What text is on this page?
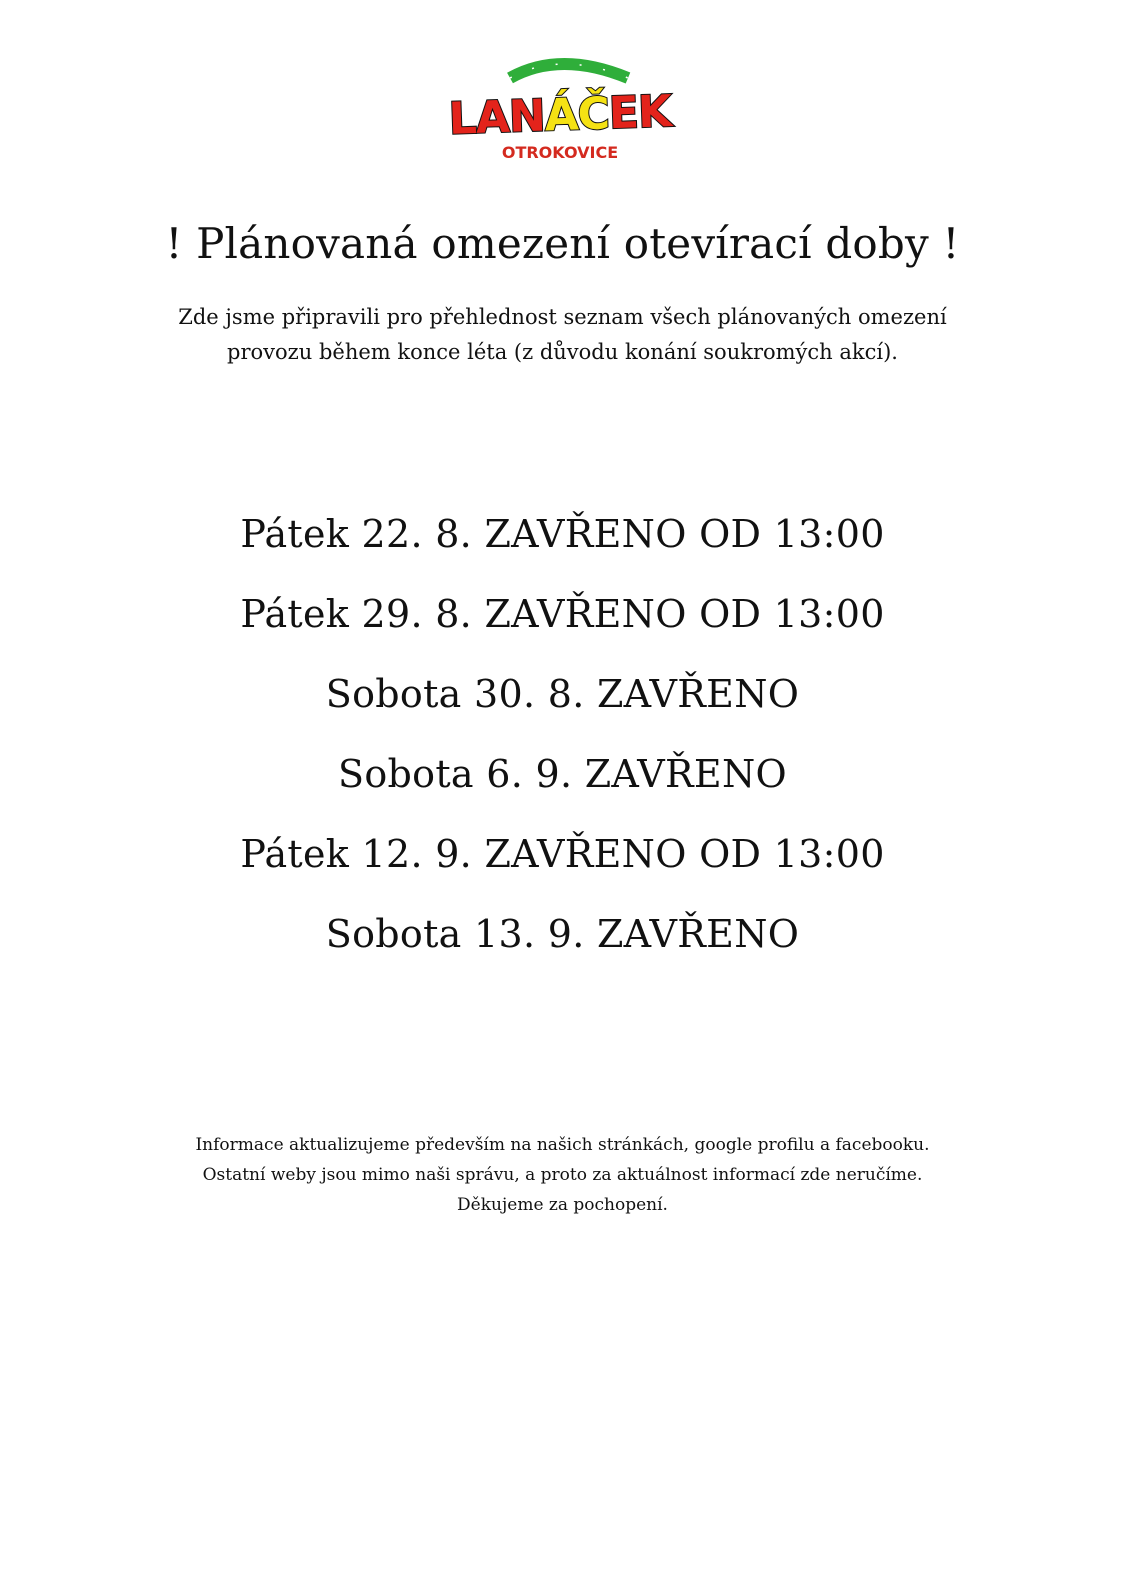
LANÁČEK
OTROKOVICE
! Plánovaná omezení otevírací doby !
Zde jsme připravili pro přehlednost seznam všech plánovaných omezení
provozu během konce léta (z důvodu konání soukromých akcí).
Pátek 22. 8. ZAVŘENO OD 13:00
Pátek 29. 8. ZAVŘENO OD 13:00
Sobota 30. 8. ZAVŘENO
Sobota 6. 9. ZAVŘENO
Pátek 12. 9. ZAVŘENO OD 13:00
Sobota 13. 9. ZAVŘENO

Informace aktualizujeme především na našich stránkách, google profilu a facebooku.

Ostatní weby jsou mimo naši správu, a proto za aktuálnost informací zde neručíme.

Děkujeme za pochopení.
